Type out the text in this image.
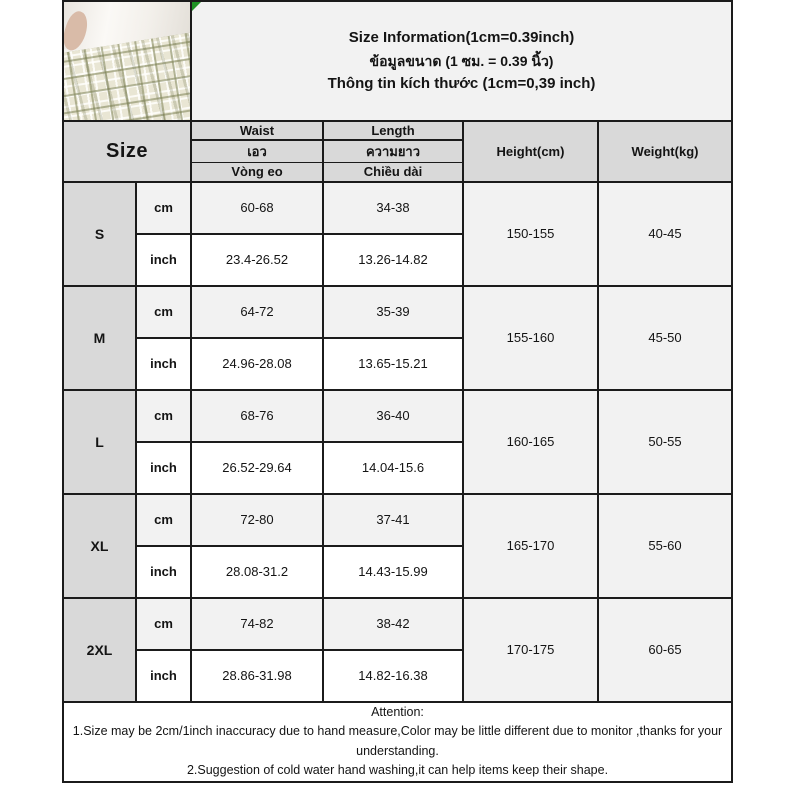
		Size Information(1cm=0.39inch)
ข้อมูลขนาด (1 ซม. = 0.39 นิ้ว)
Thông tin kích thước (1cm=0,39 inch)			

Size		Waist	Length	Height(cm)	Weight(kg)
		เอว	ความยาว		
		Vòng eo	Chiều dài		
S	cm	60-68	34-38	150-155	40-45
	inch	23.4-26.52	13.26-14.82		
M	cm	64-72	35-39	155-160	45-50
	inch	24.96-28.08	13.65-15.21		
L	cm	68-76	36-40	160-165	50-55
	inch	26.52-29.64	14.04-15.6		
XL	cm	72-80	37-41	165-170	55-60
	inch	28.08-31.2	14.43-15.99		
2XL	cm	74-82	38-42	170-175	60-65
	inch	28.86-31.98	14.82-16.38		

Attention:
1.Size may be 2cm/1inch inaccuracy due to hand measure,Color may be little different due to monitor ,thanks for your understanding.
2.Suggestion of cold water hand washing,it can help items keep their shape.					
